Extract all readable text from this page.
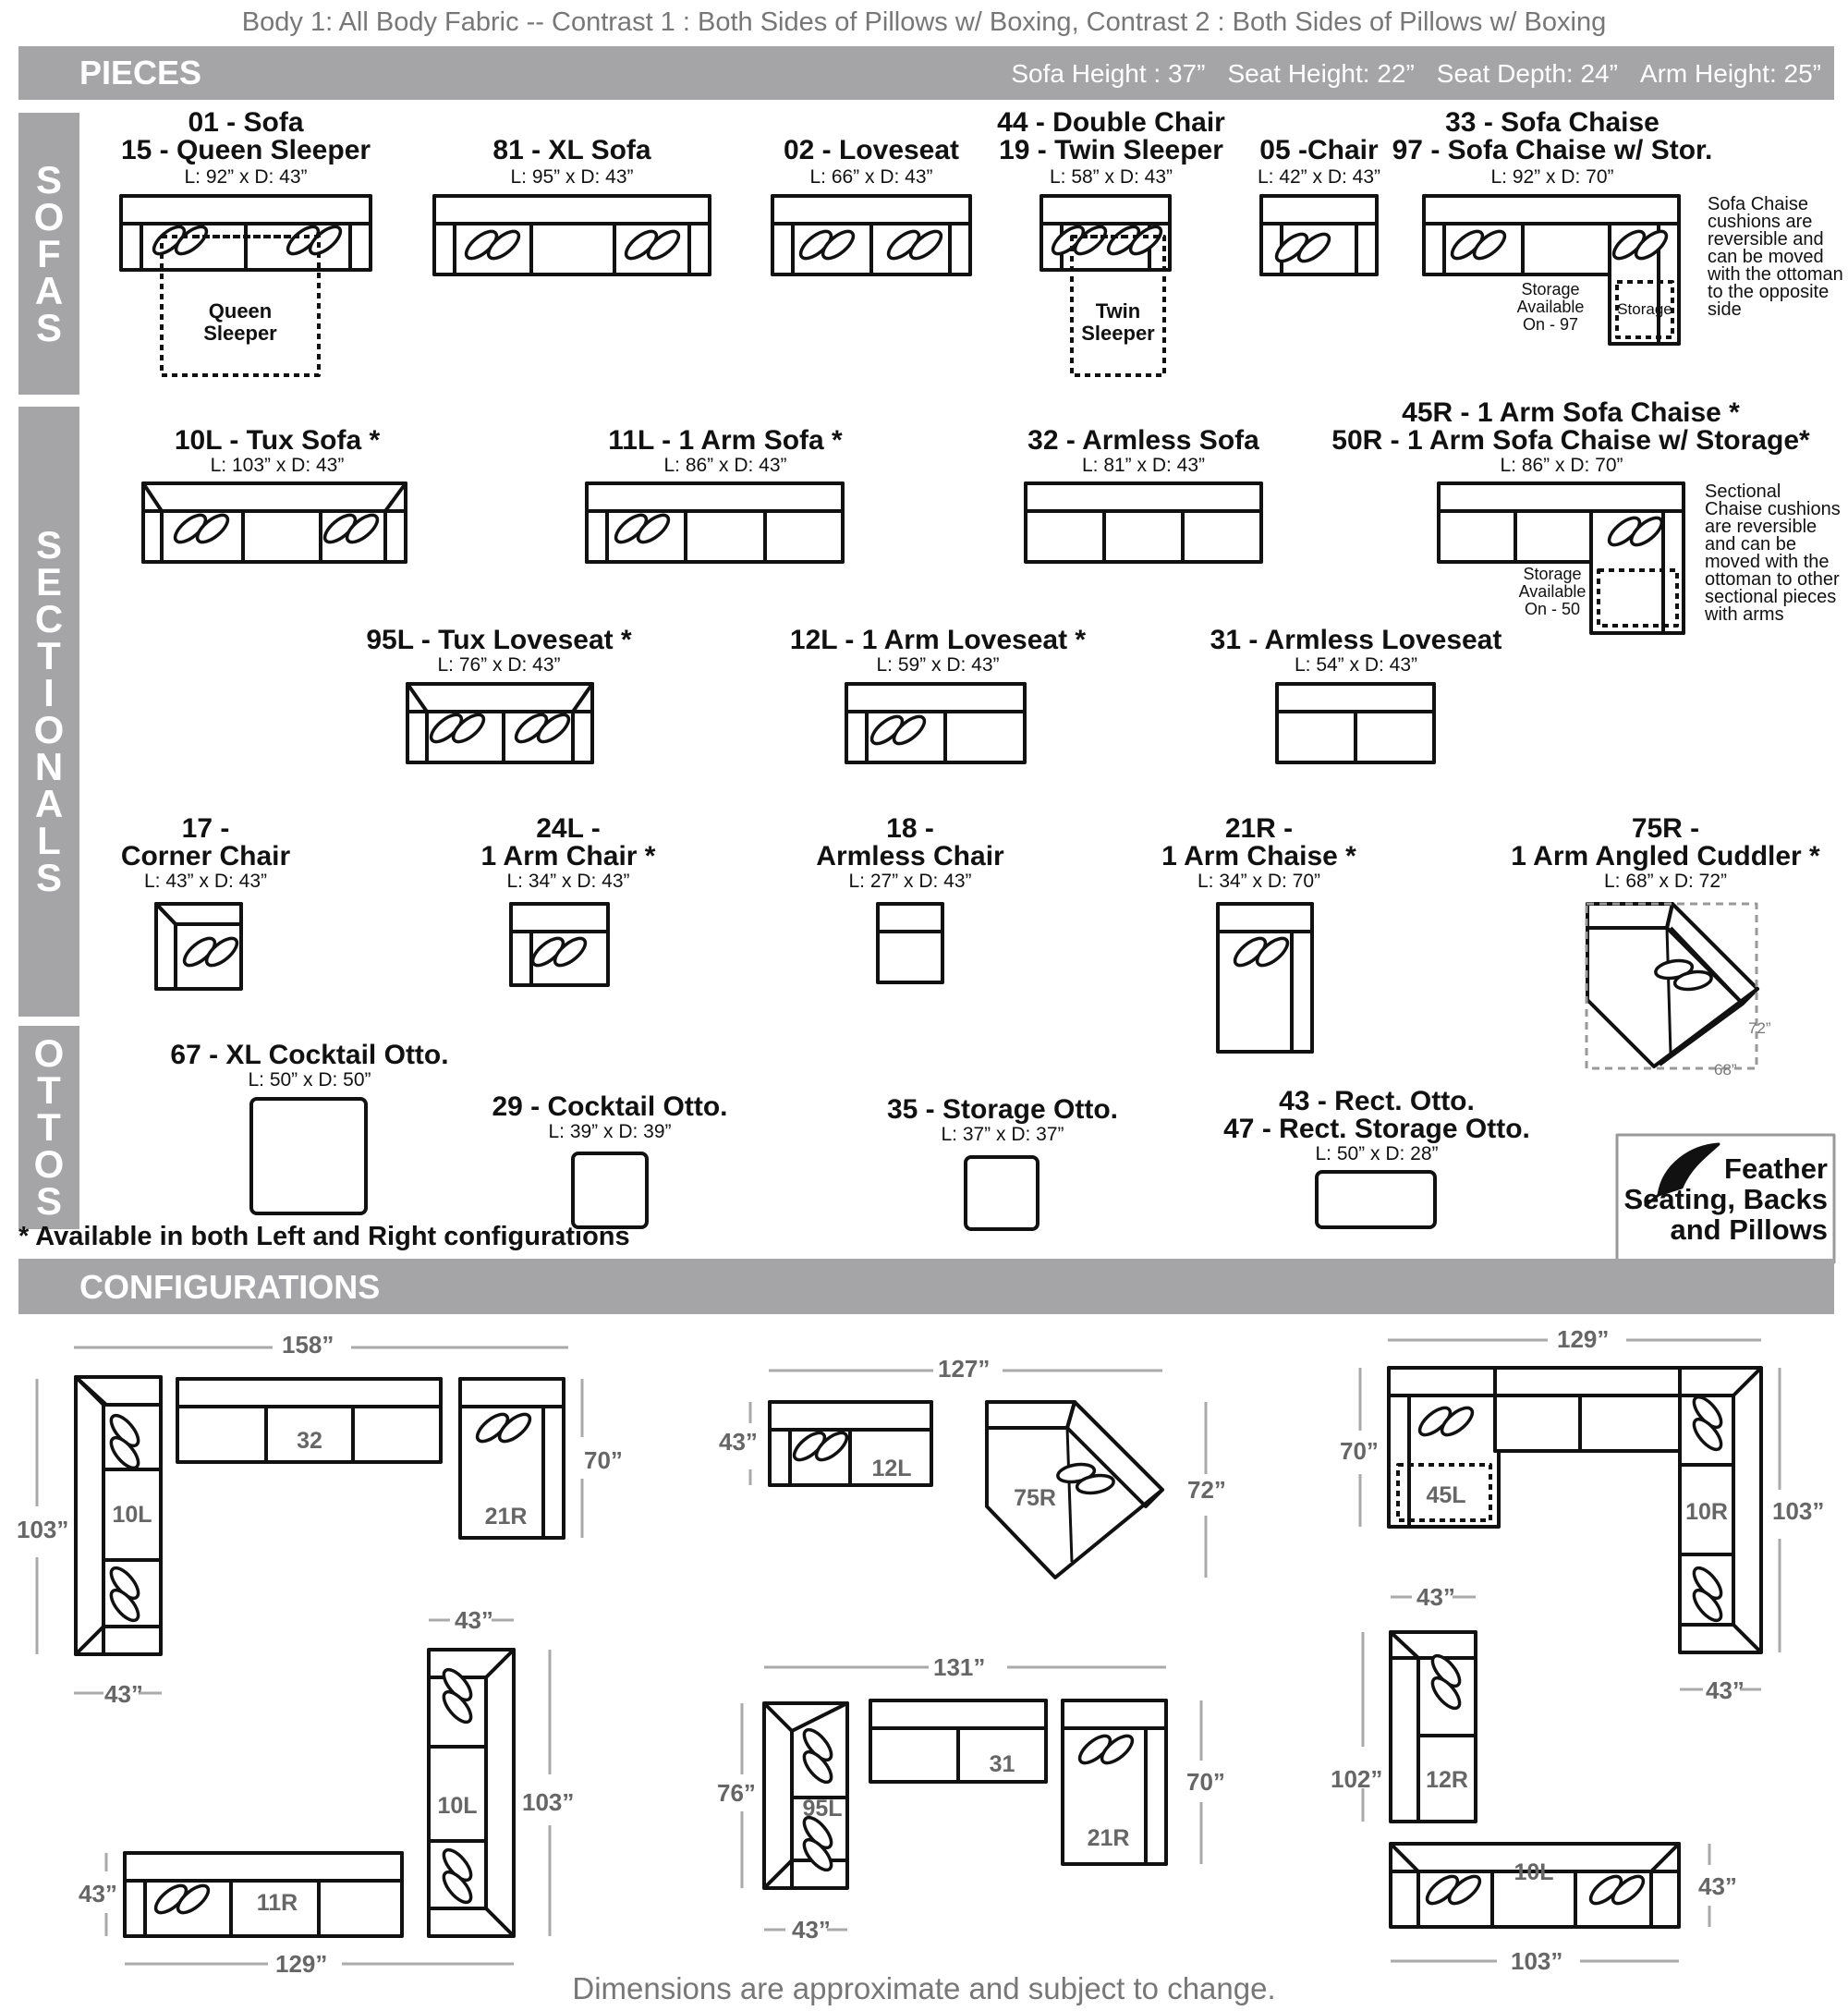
Body 1: All Body Fabric -- Contrast 1 : Both Sides of Pillows w/ Boxing, Contrast 2 : Both Sides of Pillows w/ Boxing
PIECES	Sofa Height : 37” Seat Height: 22” Seat Depth: 24” Arm Height: 25”
S
O
F
A
S
S
E
C
T
I
O
N
A
L
S
O
T
T
O
S
01 - Sofa
15 - Queen Sleeper
L: 92” x D: 43”
Queen Sleeper
81 - XL Sofa
L: 95” x D: 43”
02 - Loveseat
L: 66” x D: 43”
44 - Double Chair
19 - Twin Sleeper
L: 58” x D: 43”
Twin Sleeper
05 -Chair
L: 42” x D: 43”
33 - Sofa Chaise
97 - Sofa Chaise w/ Stor.
L: 92” x D: 70”
Storage Available On - 97
Storage
Sofa Chaise cushions are reversible and can be moved with the ottoman to the opposite side
10L - Tux Sofa *
L: 103” x D: 43”
11L - 1 Arm Sofa *
L: 86” x D: 43”
32 - Armless Sofa
L: 81” x D: 43”
45R - 1 Arm Sofa Chaise *
50R - 1 Arm Sofa Chaise w/ Storage*
L: 86” x D: 70”
Storage Available On - 50
Sectional Chaise cushions are reversible and can be moved with the ottoman to other sectional pieces with arms
95L - Tux Loveseat *
L: 76” x D: 43”
12L - 1 Arm Loveseat *
L: 59” x D: 43”
31 - Armless Loveseat
L: 54” x D: 43”
17 -
Corner Chair
L: 43” x D: 43”
24L -
1 Arm Chair *
L: 34” x D: 43”
18 -
Armless Chair
L: 27” x D: 43”
21R -
1 Arm Chaise *
L: 34” x D: 70”
75R -
1 Arm Angled Cuddler *
L: 68” x D: 72”
72”
68”
67 - XL Cocktail Otto.
L: 50” x D: 50”
29 - Cocktail Otto.
L: 39” x D: 39”
35 - Storage Otto.
L: 37” x D: 37”
43 - Rect. Otto.
47 - Rect. Storage Otto.
L: 50” x D: 28”	Feather
Seating, Backs
and Pillows
* Available in both Left and Right configurations
CONFIGURATIONS
158”
103”
70”
43”
10L
32
21R
127”
43”
72”
12L
75R
129”
70”
103”
43”
45L
10R
43”
43”
103”
129”
11R
10L
131”
76”	70”
43”
95L
31
21R
43”
102”
43”
103”
12R
10L
Dimensions are approximate and subject to change.
